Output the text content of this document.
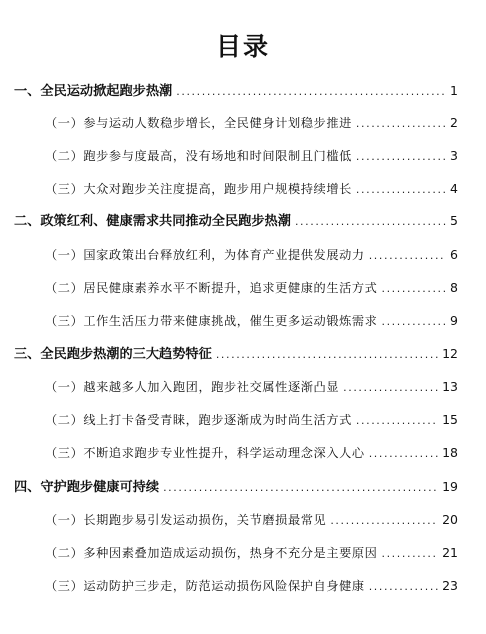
目录
一、全民运动掀起跑步热潮 .....	1
（一）参与运动人数稳步增长，全民健身计划稳步推进 .....	2
（二）跑步参与度最高，没有场地和时间限制且门槛低 .....	3
（三）大众对跑步关注度提高，跑步用户规模持续增长 .....	4
二、政策红利、健康需求共同推动全民跑步热潮 .....	5
（一）国家政策出台释放红利，为体育产业提供发展动力 .....	6
（二）居民健康素养水平不断提升，追求更健康的生活方式 .....	8
（三）工作生活压力带来健康挑战，催生更多运动锻炼需求 .....	9
三、全民跑步热潮的三大趋势特征 .....	12
（一）越来越多人加入跑团，跑步社交属性逐渐凸显 .....	13
（二）线上打卡备受青睐，跑步逐渐成为时尚生活方式 .....	15
（三）不断追求跑步专业性提升，科学运动理念深入人心 .....	18
四、守护跑步健康可持续 .....	19
（一）长期跑步易引发运动损伤，关节磨损最常见 .....	20
（二）多种因素叠加造成运动损伤，热身不充分是主要原因 .....	21
（三）运动防护三步走，防范运动损伤风险保护自身健康 .....	23
